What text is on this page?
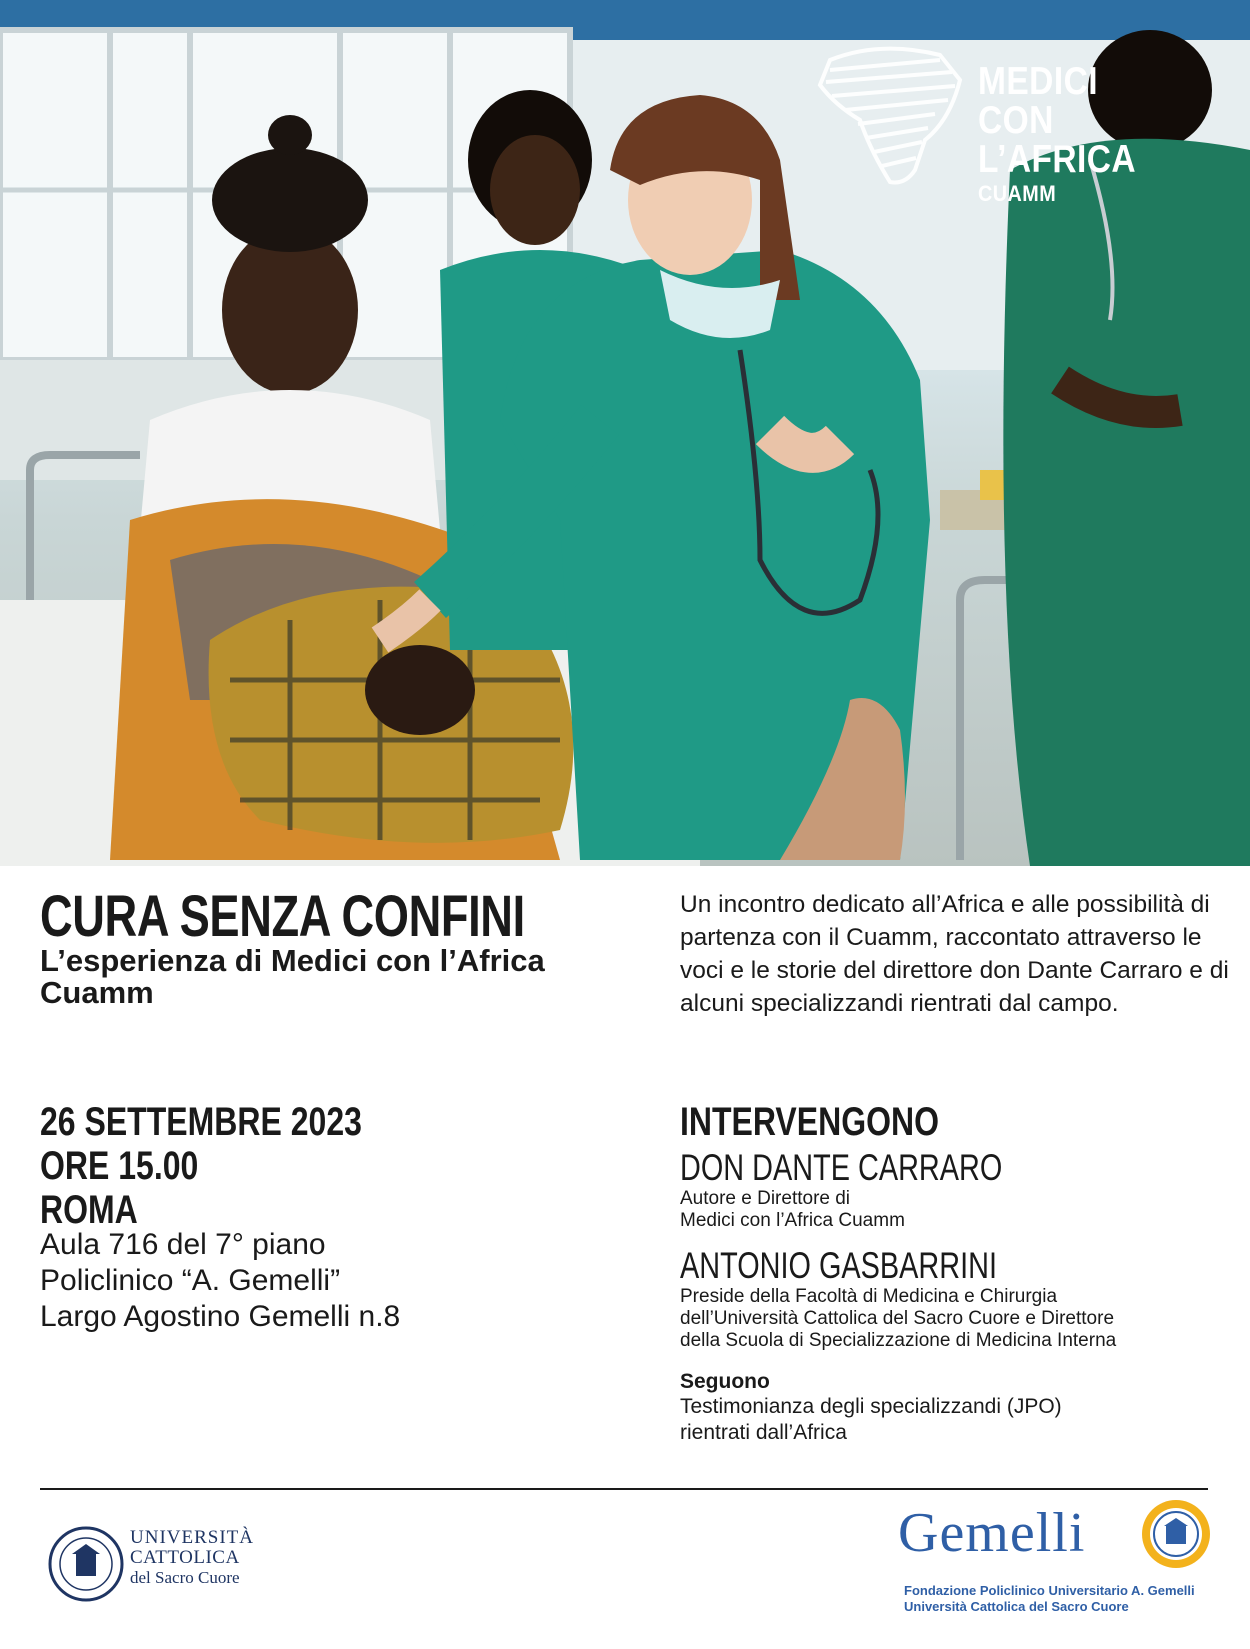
MEDICI
CON L’AFRICA
CUAMM
CURA SENZA CONFINI
L’esperienza di Medici con l’Africa Cuamm
Un incontro dedicato all’Africa e alle possibilità di partenza con il Cuamm, raccontato attraverso le voci e le storie del direttore don Dante Carraro e di alcuni specializzandi rientrati dal campo.
26 SETTEMBRE 2023
ORE 15.00
ROMA
Aula 716 del 7° piano
Policlinico “A. Gemelli”
Largo Agostino Gemelli n.8
INTERVENGONO
DON DANTE CARRARO
Autore e Direttore di
Medici con l’Africa Cuamm
ANTONIO GASBARRINI
Preside della Facoltà di Medicina e Chirurgia
dell’Università Cattolica del Sacro Cuore e Direttore
della Scuola di Specializzazione di Medicina Interna
Seguono
Testimonianza degli specializzandi (JPO)
rientrati dall’Africa
UNIVERSITÀ
CATTOLICA
del Sacro Cuore
Gemelli
Fondazione Policlinico Universitario A. Gemelli
Università Cattolica del Sacro Cuore
